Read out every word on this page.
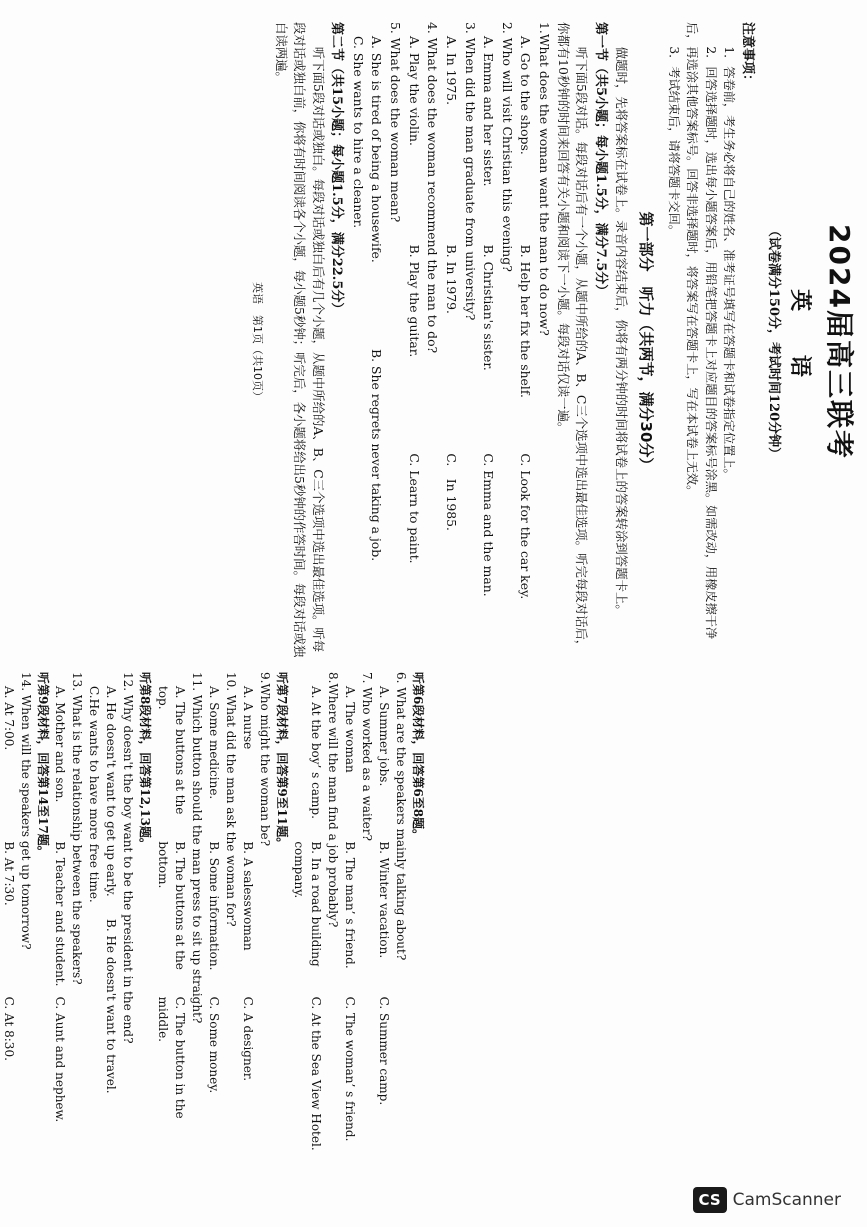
2024届高三联考
英 语
（试卷满分150分，考试时间120分钟）
注意事项：
1．答卷前，考生务必将自己的姓名、准考证号填写在答题卡和试卷指定位置上。
2．回答选择题时，选出每小题答案后，用铅笔把答题卡上对应题目的答案标号涂黑。如需改动，用橡皮擦干净后，再选涂其他答案标号。回答非选择题时，将答案写在答题卡上，写在本试卷上无效。
3．考试结束后，请将答题卡交回。
第一部分　听力（共两节，满分30分）
做题时，先将答案标在试卷上。录音内容结束后，你将有两分钟的时间将试卷上的答案转涂到答题卡上。
第一节（共5小题；每小题1.5分，满分7.5分）
听下面5段对话。每段对话后有一个小题，从题中所给的A、B、C三个选项中选出最佳选项。听完每段对话后，你都有10秒钟的时间来回答有关小题和阅读下一小题。每段对话仅读一遍。

1.What does the woman want the man to do now?

A. Go to the shops.
B. Help her fix the shelf.
C. Look for the car key.

2. Who will visit Christian this evening?

A. Emma and her sister.
B. Christian's sister.
C. Emma and the man.

3. When did the man graduate from university?

A. In 1975.
B. In 1979.
C.　In 1985.

4. What does the woman recommend the man to do?

A. Play the violin.
B. Play the guitar.
C. Learn to paint.

5. What does the woman mean?

A. She is tired of being a housewife.
B. She regrets never taking a job.
C. She wants to hire a cleaner.
第二节（共15小题；每小题1.5分，满分22.5分）
听下面5段对话或独白。每段对话或独白后有几个小题，从题中所给的A、B、C三个选项中选出最佳选项。听每段对话或独白前，你将有时间阅读各个小题，每小题5秒钟；听完后，各小题将给出5秒钟的作答时间。每段对话或独白读两遍。
英语　第1页（共10页）
听第6段材料，回答第6至8题。

6. What are the speakers mainly talking about?

A. Summer jobs.
B. Winter vacation.
C. Summer camp.

7. Who worked as a waiter?

A. The woman
B. The man’ s friend.
C. The woman’ s friend.

8.Where will the man find a job probably?

A. At the boy’ s camp.
B. In a road building company.
C. At the Sea View Hotel.
听第7段材料，回答第9至11题。

9.Who might the woman be?

A. A nurse
B. A salesswoman
C. A designer.

10. What did the man ask the woman for?

A. Some medicine.
B. Some information.
C. Some money.

11. Which button should the man press to sit up straight?

A. The buttons at the top.
B. The buttons at the bottom.
C. The button in the middle.
听第8段材料，回答第12,13题。

12. Why doesn't the boy want to be the president in the end?

A. He doesn't want to get up early.
B. He doesn't want to travel.
C.He wants to have more free time.

13. What is the relationship between the speakers?

A. Mother and son.
B. Teacher and student.
C. Aunt and nephew.
听第9段材料，回答第14至17题。

14. When will the speakers get up tomorrow?

A. At 7:00.
B. At 7:30.
C. At 8:30.

CS CamScanner
